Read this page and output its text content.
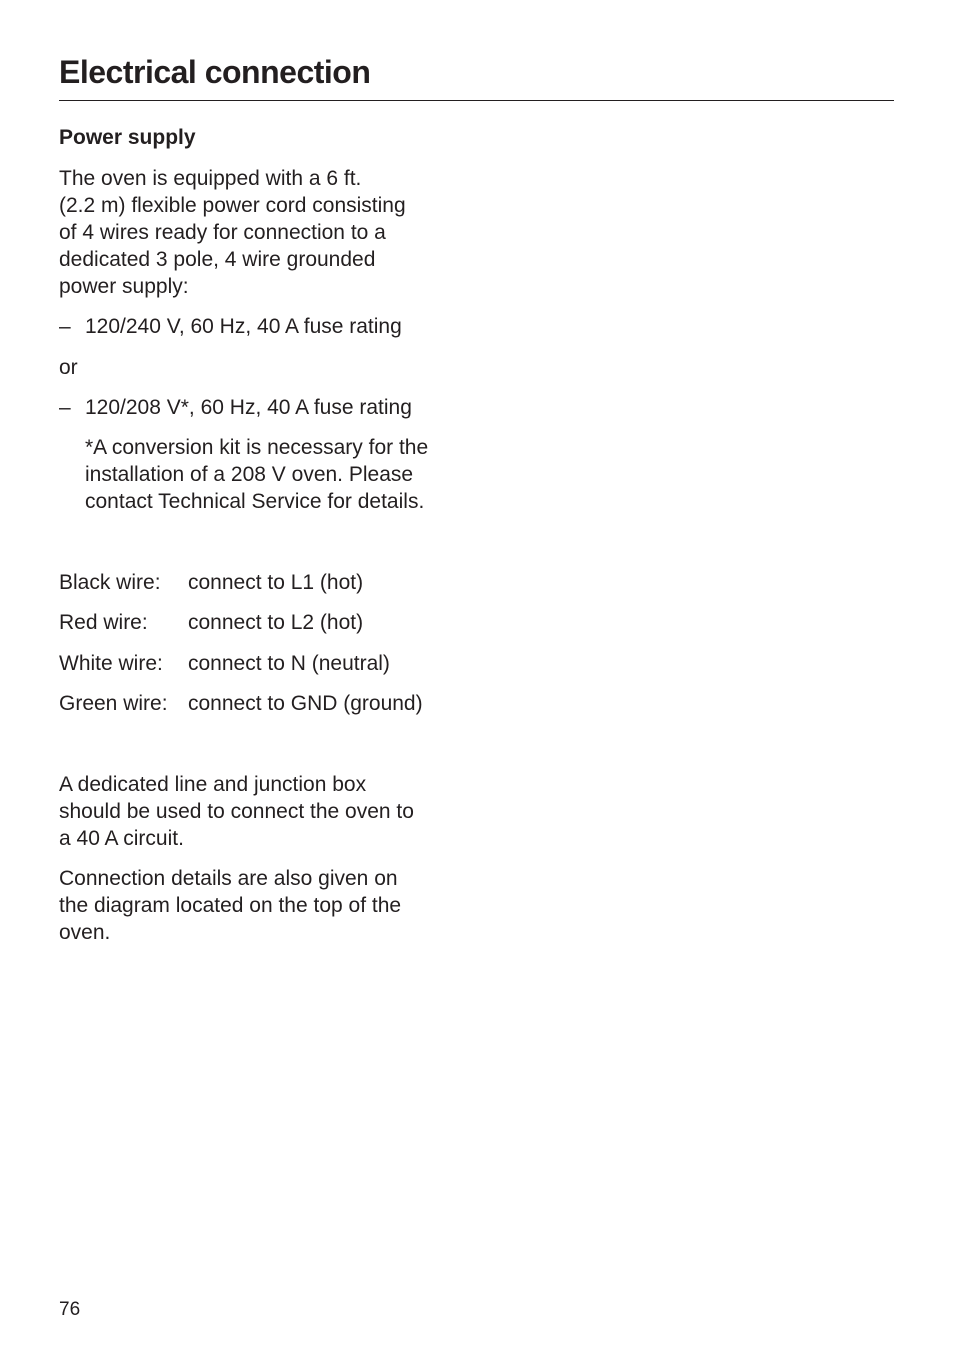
Electrical connection
Power supply

The oven is equipped with a 6 ft.
(2.2 m) flexible power cord consisting
of 4 wires ready for connection to a
dedicated 3 pole, 4 wire grounded
power supply:

– 120/240 V, 60 Hz, 40 A fuse rating

or

– 120/208 V*, 60 Hz, 40 A fuse rating

*A conversion kit is necessary for the
installation of a 208 V oven. Please
contact Technical Service for details.

Black wire: connect to L1 (hot)
Red wire: connect to L2 (hot)
White wire: connect to N (neutral)
Green wire: connect to GND (ground)

A dedicated line and junction box
should be used to connect the oven to
a 40 A circuit.

Connection details are also given on
the diagram located on the top of the
oven.

76
